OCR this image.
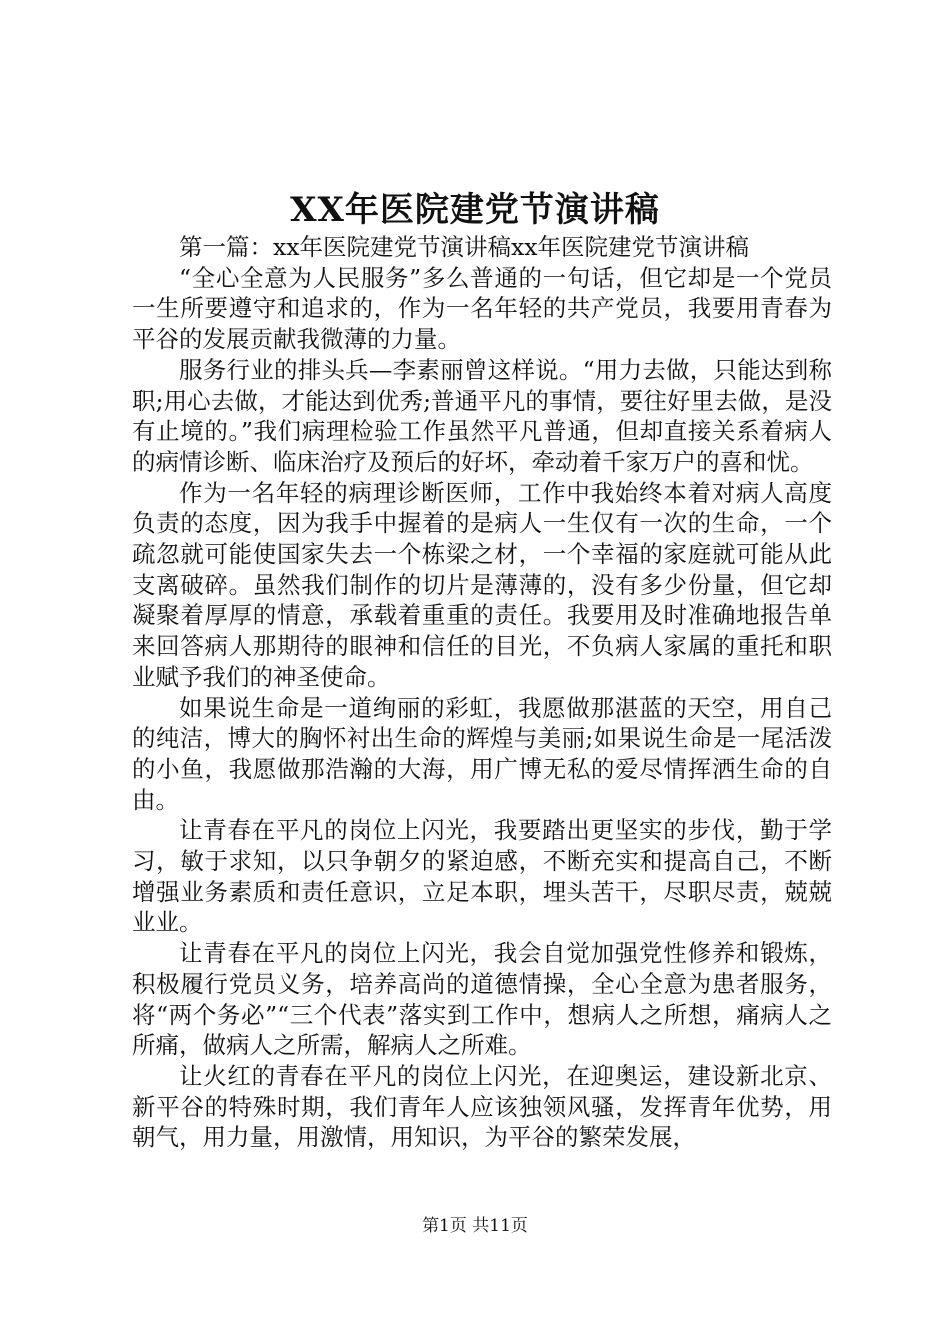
XX年医院建党节演讲稿

第一篇：xx年医院建党节演讲稿xx年医院建党节演讲稿

“全心全意为人民服务”多么普通的一句话，但它却是一个党员一生所要遵守和追求的，作为一名年轻的共产党员，我要用青春为平谷的发展贡献我微薄的力量。

服务行业的排头兵—李素丽曾这样说。“用力去做，只能达到称职;用心去做，才能达到优秀;普通平凡的事情，要往好里去做，是没有止境的。”我们病理检验工作虽然平凡普通，但却直接关系着病人的病情诊断、临床治疗及预后的好坏，牵动着千家万户的喜和忧。

作为一名年轻的病理诊断医师，工作中我始终本着对病人高度负责的态度，因为我手中握着的是病人一生仅有一次的生命，一个疏忽就可能使国家失去一个栋梁之材，一个幸福的家庭就可能从此支离破碎。虽然我们制作的切片是薄薄的，没有多少份量，但它却凝聚着厚厚的情意，承载着重重的责任。我要用及时准确地报告单来回答病人那期待的眼神和信任的目光，不负病人家属的重托和职业赋予我们的神圣使命。

如果说生命是一道绚丽的彩虹，我愿做那湛蓝的天空，用自己的纯洁，博大的胸怀衬出生命的辉煌与美丽;如果说生命是一尾活泼的小鱼，我愿做那浩瀚的大海，用广博无私的爱尽情挥洒生命的自由。

让青春在平凡的岗位上闪光，我要踏出更坚实的步伐，勤于学习，敏于求知，以只争朝夕的紧迫感，不断充实和提高自己，不断增强业务素质和责任意识，立足本职，埋头苦干，尽职尽责，兢兢业业。

让青春在平凡的岗位上闪光，我会自觉加强党性修养和锻炼，积极履行党员义务，培养高尚的道德情操，全心全意为患者服务，将“两个务必”“三个代表”落实到工作中，想病人之所想，痛病人之所痛，做病人之所需，解病人之所难。

让火红的青春在平凡的岗位上闪光，在迎奥运，建设新北京、新平谷的特殊时期，我们青年人应该独领风骚，发挥青年优势，用朝气，用力量，用激情，用知识，为平谷的繁荣发展，

第1页 共11页
